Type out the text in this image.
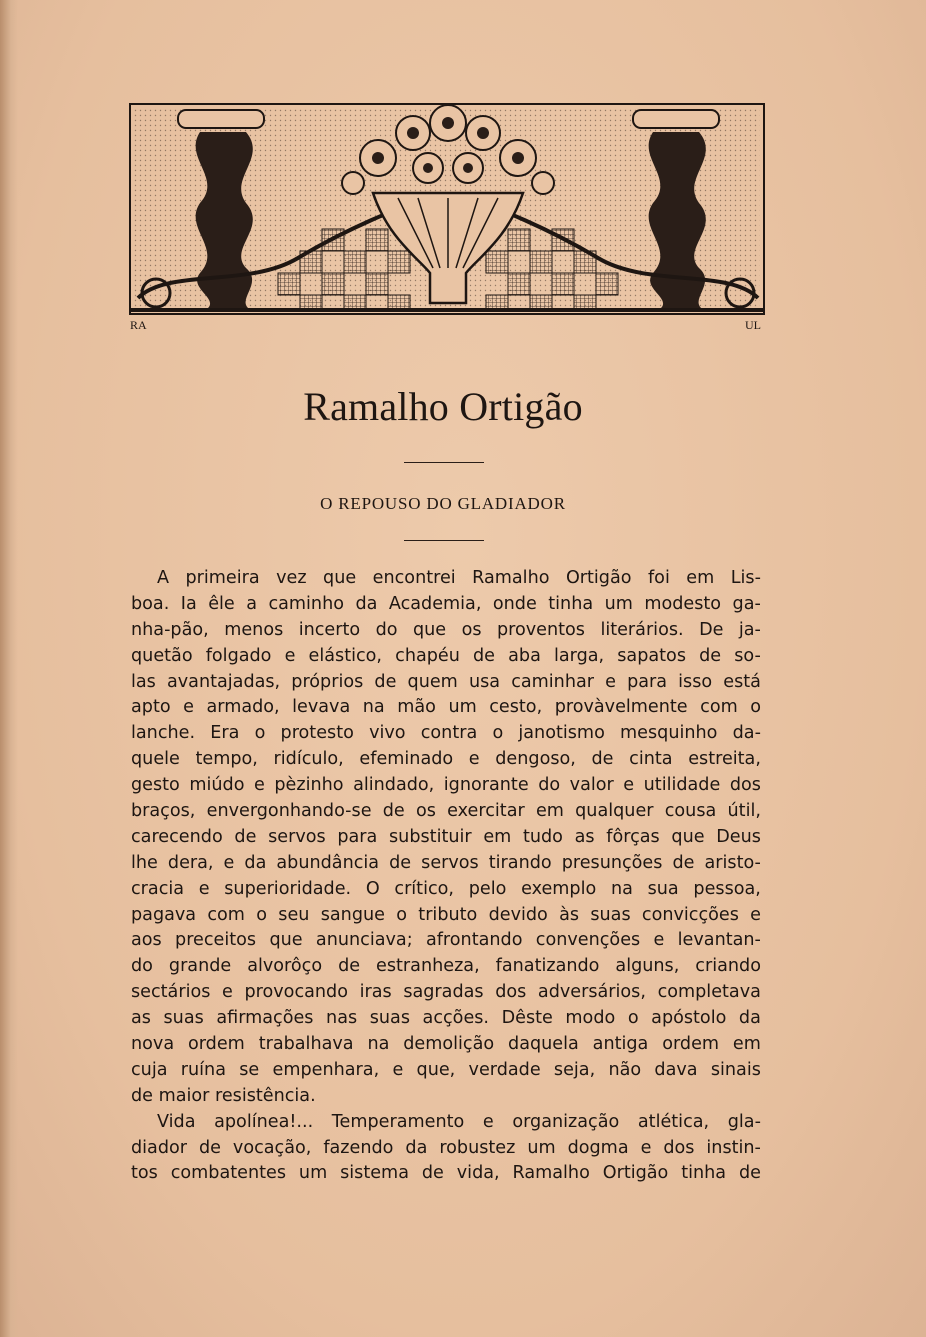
RA	UL
Ramalho Ortigão
O REPOUSO DO GLADIADOR
A primeira vez que encontrei Ramalho Ortigão foi em Lis-
boa. Ia êle a caminho da Academia, onde tinha um modesto ga-
nha-pão, menos incerto do que os proventos literários. De ja-
quetão folgado e elástico, chapéu de aba larga, sapatos de so-
las avantajadas, próprios de quem usa caminhar e para isso está
apto e armado, levava na mão um cesto, provàvelmente com o
lanche. Era o protesto vivo contra o janotismo mesquinho da-
quele tempo, ridículo, efeminado e dengoso, de cinta estreita,
gesto miúdo e pèzinho alindado, ignorante do valor e utilidade dos
braços, envergonhando-se de os exercitar em qualquer cousa útil,
carecendo de servos para substituir em tudo as fôrças que Deus
lhe dera, e da abundância de servos tirando presunções de aristo-
cracia e superioridade. O crítico, pelo exemplo na sua pessoa,
pagava com o seu sangue o tributo devido às suas convicções e
aos preceitos que anunciava; afrontando convenções e levantan-
do grande alvorôço de estranheza, fanatizando alguns, criando
sectários e provocando iras sagradas dos adversários, completava
as suas afirmações nas suas acções. Dêste modo o apóstolo da
nova ordem trabalhava na demolição daquela antiga ordem em
cuja ruína se empenhara, e que, verdade seja, não dava sinais
de maior resistência.
Vida apolínea!... Temperamento e organização atlética, gla-
diador de vocação, fazendo da robustez um dogma e dos instin-
tos combatentes um sistema de vida, Ramalho Ortigão tinha de
